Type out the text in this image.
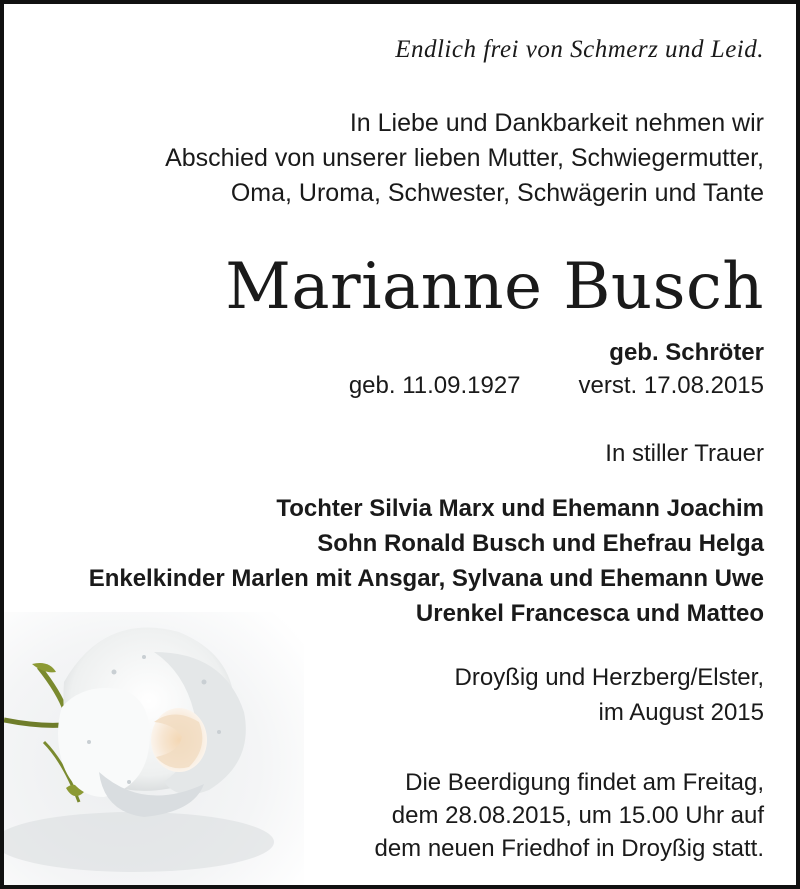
Endlich frei von Schmerz und Leid.
In Liebe und Dankbarkeit nehmen wir
Abschied von unserer lieben Mutter, Schwiegermutter,
Oma, Uroma, Schwester, Schwägerin und Tante
Marianne Busch
geb. Schröter
geb. 11.09.1927 verst. 17.08.2015
In stiller Trauer
Tochter Silvia Marx und Ehemann Joachim
Sohn Ronald Busch und Ehefrau Helga
Enkelkinder Marlen mit Ansgar, Sylvana und Ehemann Uwe
Urenkel Francesca und Matteo
Droyßig und Herzberg/Elster,
im August 2015
Die Beerdigung findet am Freitag,
dem 28.08.2015, um 15.00 Uhr auf
dem neuen Friedhof in Droyßig statt.
